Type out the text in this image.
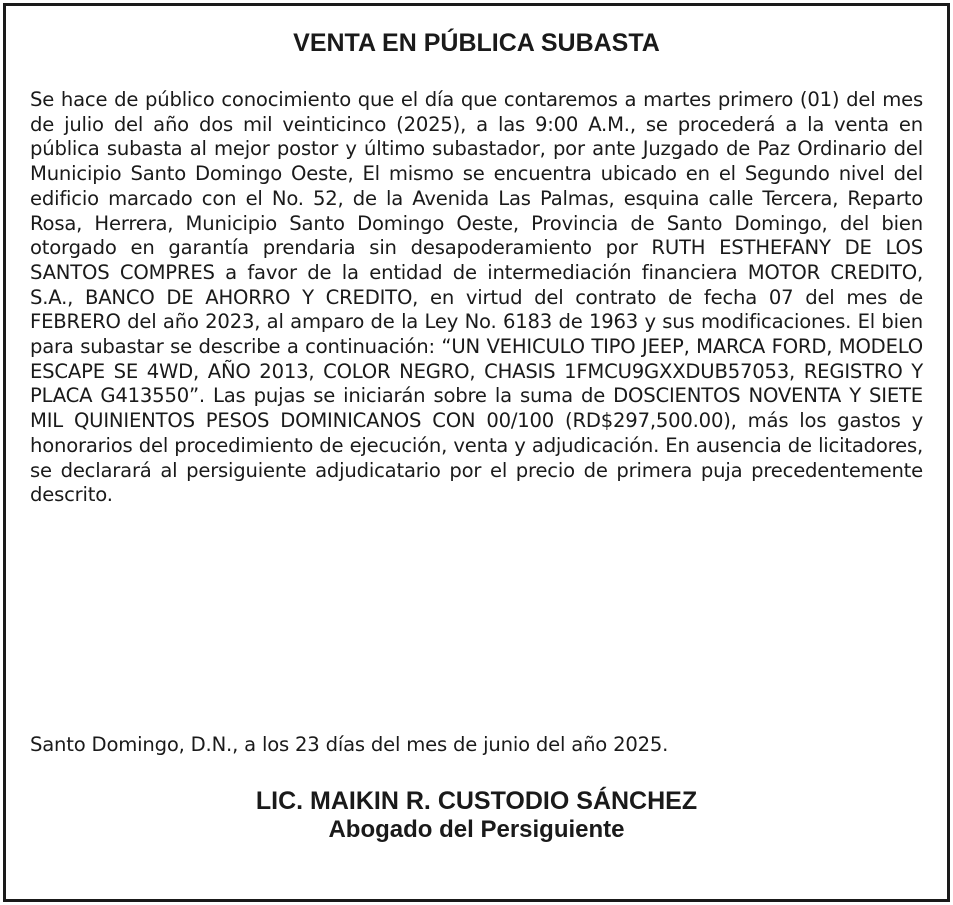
VENTA EN PÚBLICA SUBASTA

Se hace de público conocimiento que el día que contaremos a martes primero (01) del mes de julio del año dos mil veinticinco (2025), a las 9:00 A.M., se procederá a la venta en pública subasta al mejor postor y último subastador, por ante Juzgado de Paz Ordinario del Municipio Santo Domingo Oeste, El mismo se encuentra ubicado en el Segundo nivel del edificio marcado con el No. 52, de la Avenida Las Palmas, esquina calle Tercera, Reparto Rosa, Herrera, Municipio Santo Domingo Oeste, Provincia de Santo Domingo, del bien otorgado en garantía prendaria sin desapoderamiento por RUTH ESTHEFANY DE LOS SANTOS COMPRES a favor de la entidad de intermediación financiera MOTOR CREDITO, S.A., BANCO DE AHORRO Y CREDITO, en virtud del contrato de fecha 07 del mes de FEBRERO del año 2023, al amparo de la Ley No. 6183 de 1963 y sus modificaciones. El bien para subastar se describe a continuación: “UN VEHICULO TIPO JEEP, MARCA FORD, MODELO ESCAPE SE 4WD, AÑO 2013, COLOR NEGRO, CHASIS 1FMCU9GXXDUB57053, REGISTRO Y PLACA G413550”. Las pujas se iniciarán sobre la suma de DOSCIENTOS NOVENTA Y SIETE MIL QUINIENTOS PESOS DOMINICANOS CON 00/100 (RD$297,500.00), más los gastos y honorarios del procedimiento de ejecución, venta y adjudicación. En ausencia de licitadores, se declarará al persiguiente adjudicatario por el precio de primera puja precedentemente descrito.

Santo Domingo, D.N., a los 23 días del mes de junio del año 2025.

LIC. MAIKIN R. CUSTODIO SÁNCHEZ
Abogado del Persiguiente
